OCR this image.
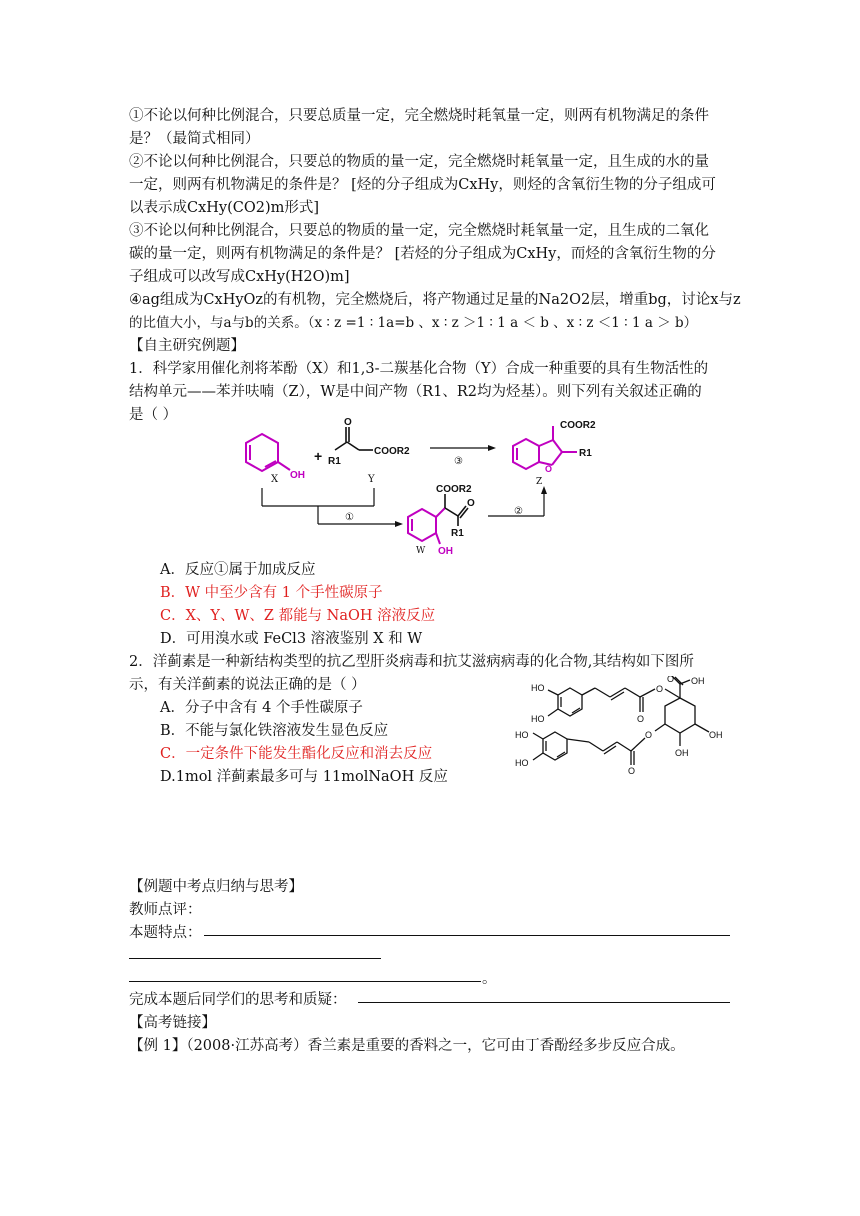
①不论以何种比例混合，只要总质量一定，完全燃烧时耗氧量一定，则两有机物满足的条件
是？（最简式相同）
②不论以何种比例混合，只要总的物质的量一定，完全燃烧时耗氧量一定，且生成的水的量
一定，则两有机物满足的条件是？ [烃的分子组成为CxHy，则烃的含氧衍生物的分子组成可
以表示成CxHy(CO2)m形式]
③不论以何种比例混合，只要总的物质的量一定，完全燃烧时耗氧量一定，且生成的二氧化
碳的量一定，则两有机物满足的条件是？ [若烃的分子组成为CxHy，而烃的含氧衍生物的分
子组成可以改写成CxHy(H2O)m]
④ag组成为CxHyOz的有机物，完全燃烧后，将产物通过足量的Na2O2层，增重bg，讨论x与z
的比值大小，与a与b的关系。（x ∶ z =1 ∶ 1a=b 、x ∶ z ＞1 ∶ 1 a ＜ b 、x ∶ z ＜1 ∶ 1 a ＞ b）
【自主研究例题】
1．科学家用催化剂将苯酚（X）和1,3-二羰基化合物（Y）合成一种重要的具有生物活性的
结构单元——苯并呋喃（Z），W是中间产物（R1、R2均为烃基）。则下列有关叙述正确的
是（ ）
OH
X
+
O
R1
COOR2
Y
③
O
COOR2
R1
①
COOR2
O
R1
OH
W
②
Z
A．反应①属于加成反应
B．W 中至少含有 1 个手性碳原子
C．X、Y、W、Z 都能与 NaOH 溶液反应
D．可用溴水或 FeCl3 溶液鉴别 X 和 W
2．洋蓟素是一种新结构类型的抗乙型肝炎病毒和抗艾滋病病毒的化合物,其结构如下图所
示，有关洋蓟素的说法正确的是（ ）
A．分子中含有 4 个手性碳原子
B．不能与氯化铁溶液发生显色反应
C．一定条件下能发生酯化反应和消去反应
D.1mol 洋蓟素最多可与 11molNaOH 反应
HO
HO
O
O
O OH
OH
OH
O
O
HO
HO
【例题中考点归纳与思考】
教师点评：
本题特点：
。
完成本题后同学们的思考和质疑：
【高考链接】
【例 1】（2008·江苏高考）香兰素是重要的香料之一，它可由丁香酚经多步反应合成。
